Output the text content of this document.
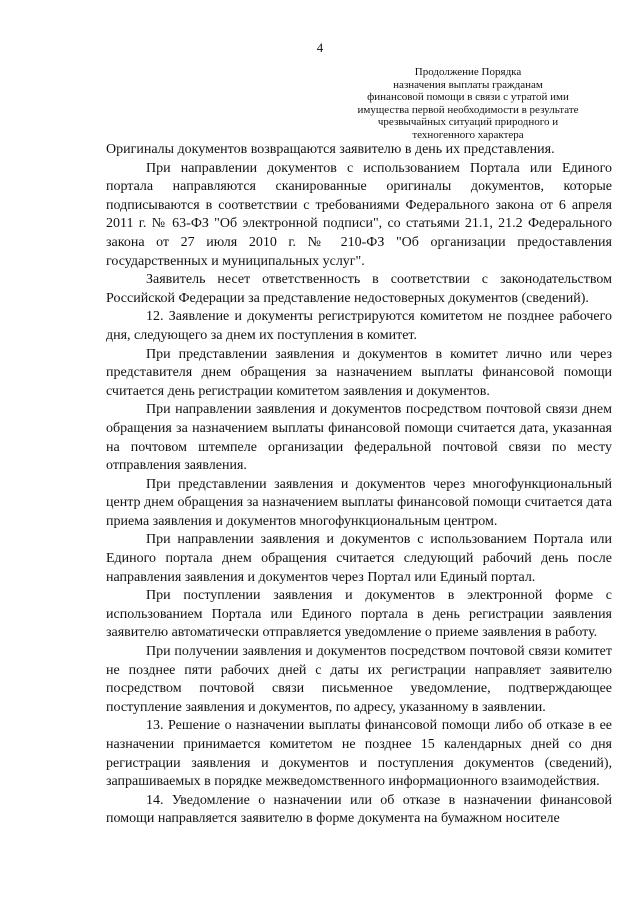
4
Продолжение Порядка
назначения выплаты гражданам
финансовой помощи в связи с утратой ими
имущества первой необходимости в результате
чрезвычайных ситуаций природного и
техногенного характера

Оригиналы документов возвращаются заявителю в день их представления.

При направлении документов с использованием Портала или Единого портала направляются сканированные оригиналы документов, которые подписываются в соответствии с требованиями Федерального закона от 6 апреля 2011 г. № 63-ФЗ "Об электронной подписи", со статьями 21.1, 21.2 Федерального закона от 27 июля 2010 г. № 210-ФЗ "Об организации предоставления государственных и муниципальных услуг".

Заявитель несет ответственность в соответствии с законодательством Российской Федерации за представление недостоверных документов (сведений).

12. Заявление и документы регистрируются комитетом не позднее рабочего дня, следующего за днем их поступления в комитет.

При представлении заявления и документов в комитет лично или через представителя днем обращения за назначением выплаты финансовой помощи считается день регистрации комитетом заявления и документов.

При направлении заявления и документов посредством почтовой связи днем обращения за назначением выплаты финансовой помощи считается дата, указанная на почтовом штемпеле организации федеральной почтовой связи по месту отправления заявления.

При представлении заявления и документов через многофункциональный центр днем обращения за назначением выплаты финансовой помощи считается дата приема заявления и документов многофункциональным центром.

При направлении заявления и документов с использованием Портала или Единого портала днем обращения считается следующий рабочий день после направления заявления и документов через Портал или Единый портал.

При поступлении заявления и документов в электронной форме с использованием Портала или Единого портала в день регистрации заявления заявителю автоматически отправляется уведомление о приеме заявления в работу.

При получении заявления и документов посредством почтовой связи комитет не позднее пяти рабочих дней с даты их регистрации направляет заявителю посредством почтовой связи письменное уведомление, подтверждающее поступление заявления и документов, по адресу, указанному в заявлении.

13. Решение о назначении выплаты финансовой помощи либо об отказе в ее назначении принимается комитетом не позднее 15 календарных дней со дня регистрации заявления и документов и поступления документов (сведений), запрашиваемых в порядке межведомственного информационного взаимодействия.

14. Уведомление о назначении или об отказе в назначении финансовой помощи направляется заявителю в форме документа на бумажном носителе
